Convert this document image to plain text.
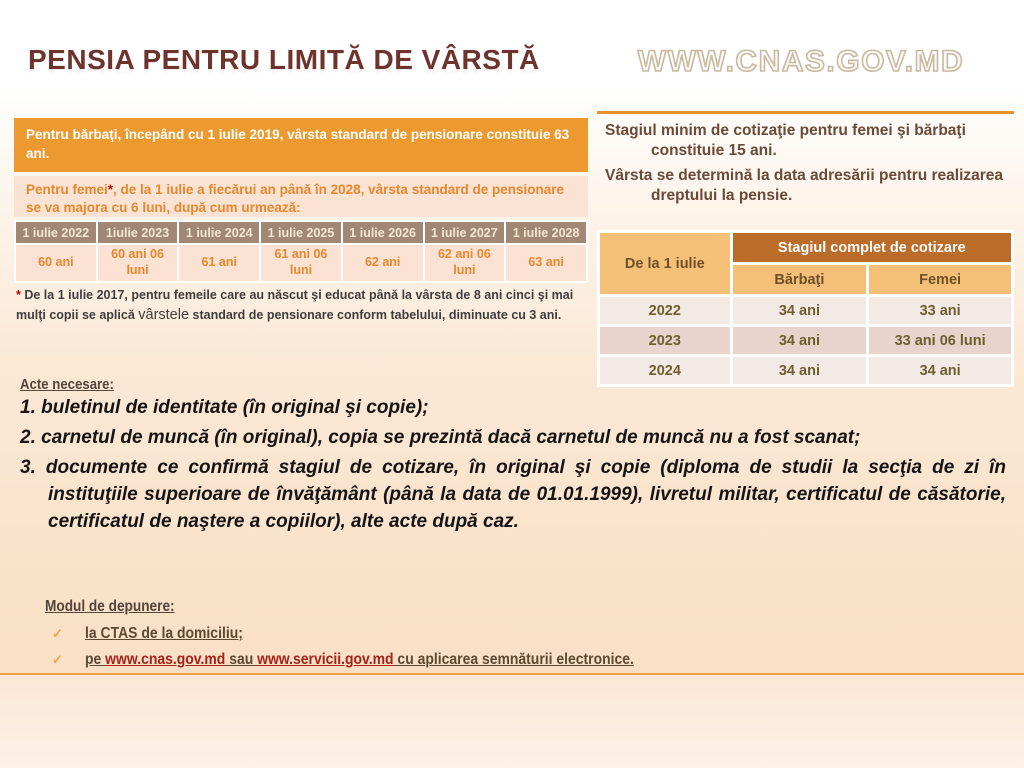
PENSIA PENTRU LIMITĂ DE VÂRSTĂ	WWW.CNAS.GOV.MD
Pentru bărbaţi, începând cu 1 iulie 2019, vârsta standard de pensionare constituie 63 ani.
Pentru femei*, de la 1 iulie a fiecărui an până în 2028, vârsta standard de pensionare se va majora cu 6 luni, după cum urmează:
1 iulie 2022	1iulie 2023	1 iulie 2024	1 iulie 2025	1 iulie 2026	1 iulie 2027	1 iulie 2028
60 ani	60 ani 06 luni	61 ani	61 ani 06 luni	62 ani	62 ani 06 luni	63 ani
* De la 1 iulie 2017, pentru femeile care au născut şi educat până la vârsta de 8 ani cinci şi mai mulţi copii se aplică vârstele standard de pensionare conform tabelului, diminuate cu 3 ani.

Stagiul minim de cotizaţie pentru femei şi bărbaţi constituie 15 ani.

Vârsta se determină la data adresării pentru realizarea dreptului la pensie.

De la 1 iulie	Stagiul complet de cotizare	
	Bărbaţi	Femei
2022	34 ani	33 ani
2023	34 ani	33 ani 06 luni
2024	34 ani	34 ani
Acte necesare:
1. buletinul de identitate (în original şi copie);
2. carnetul de muncă (în original), copia se prezintă dacă carnetul de muncă nu a fost scanat;
3. documente ce confirmă stagiul de cotizare, în original şi copie (diploma de studii la secţia de zi în instituţiile superioare de învăţământ (până la data de 01.01.1999), livretul militar, certificatul de căsătorie, certificatul de naştere a copiilor), alte acte după caz.
Modul de depunere:
✓ la CTAS de la domiciliu;
✓ pe www.cnas.gov.md sau www.servicii.gov.md cu aplicarea semnăturii electronice.
